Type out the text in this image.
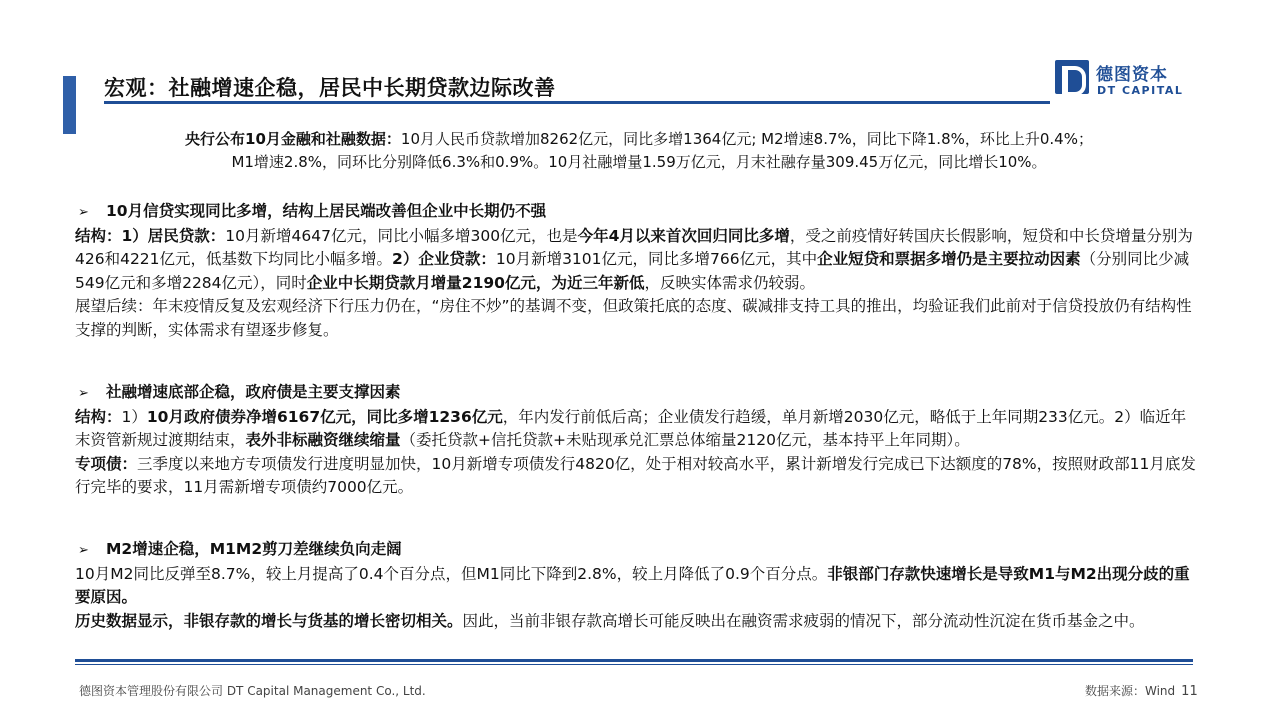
宏观：社融增速企稳，居民中长期贷款边际改善
德图资本
DT CAPITAL
央行公布10月金融和社融数据：10月人民币贷款增加8262亿元，同比多增1364亿元; M2增速8.7%，同比下降1.8%，环比上升0.4%；
M1增速2.8%，同环比分别降低6.3%和0.9%。10月社融增量1.59万亿元，月末社融存量309.45万亿元，同比增长10%。
➢ 10月信贷实现同比多增，结构上居民端改善但企业中长期仍不强

结构：1）居民贷款：10月新增4647亿元，同比小幅多增300亿元，也是今年4月以来首次回归同比多增，受之前疫情好转国庆长假影响，短贷和中长贷增量分别为426和4221亿元，低基数下均同比小幅多增。2）企业贷款：10月新增3101亿元，同比多增766亿元，其中企业短贷和票据多增仍是主要拉动因素（分别同比少减549亿元和多增2284亿元），同时企业中长期贷款月增量2190亿元，为近三年新低，反映实体需求仍较弱。

展望后续：年末疫情反复及宏观经济下行压力仍在，“房住不炒”的基调不变，但政策托底的态度、碳减排支持工具的推出，均验证我们此前对于信贷投放仍有结构性支撑的判断，实体需求有望逐步修复。

➢ 社融增速底部企稳，政府债是主要支撑因素

结构：1）10月政府债券净增6167亿元，同比多增1236亿元，年内发行前低后高；企业债发行趋缓，单月新增2030亿元，略低于上年同期233亿元。2）临近年末资管新规过渡期结束，表外非标融资继续缩量（委托贷款+信托贷款+未贴现承兑汇票总体缩量2120亿元，基本持平上年同期）。

专项债：三季度以来地方专项债发行进度明显加快，10月新增专项债发行4820亿，处于相对较高水平，累计新增发行完成已下达额度的78%，按照财政部11月底发行完毕的要求，11月需新增专项债约7000亿元。

➢ M2增速企稳，M1M2剪刀差继续负向走阔

10月M2同比反弹至8.7%，较上月提高了0.4个百分点，但M1同比下降到2.8%，较上月降低了0.9个百分点。非银部门存款快速增长是导致M1与M2出现分歧的重要原因。

历史数据显示，非银存款的增长与货基的增长密切相关。因此，当前非银存款高增长可能反映出在融资需求疲弱的情况下，部分流动性沉淀在货币基金之中。

德图资本管理股份有限公司 DT Capital Management Co., Ltd.	数据来源：Wind 11
